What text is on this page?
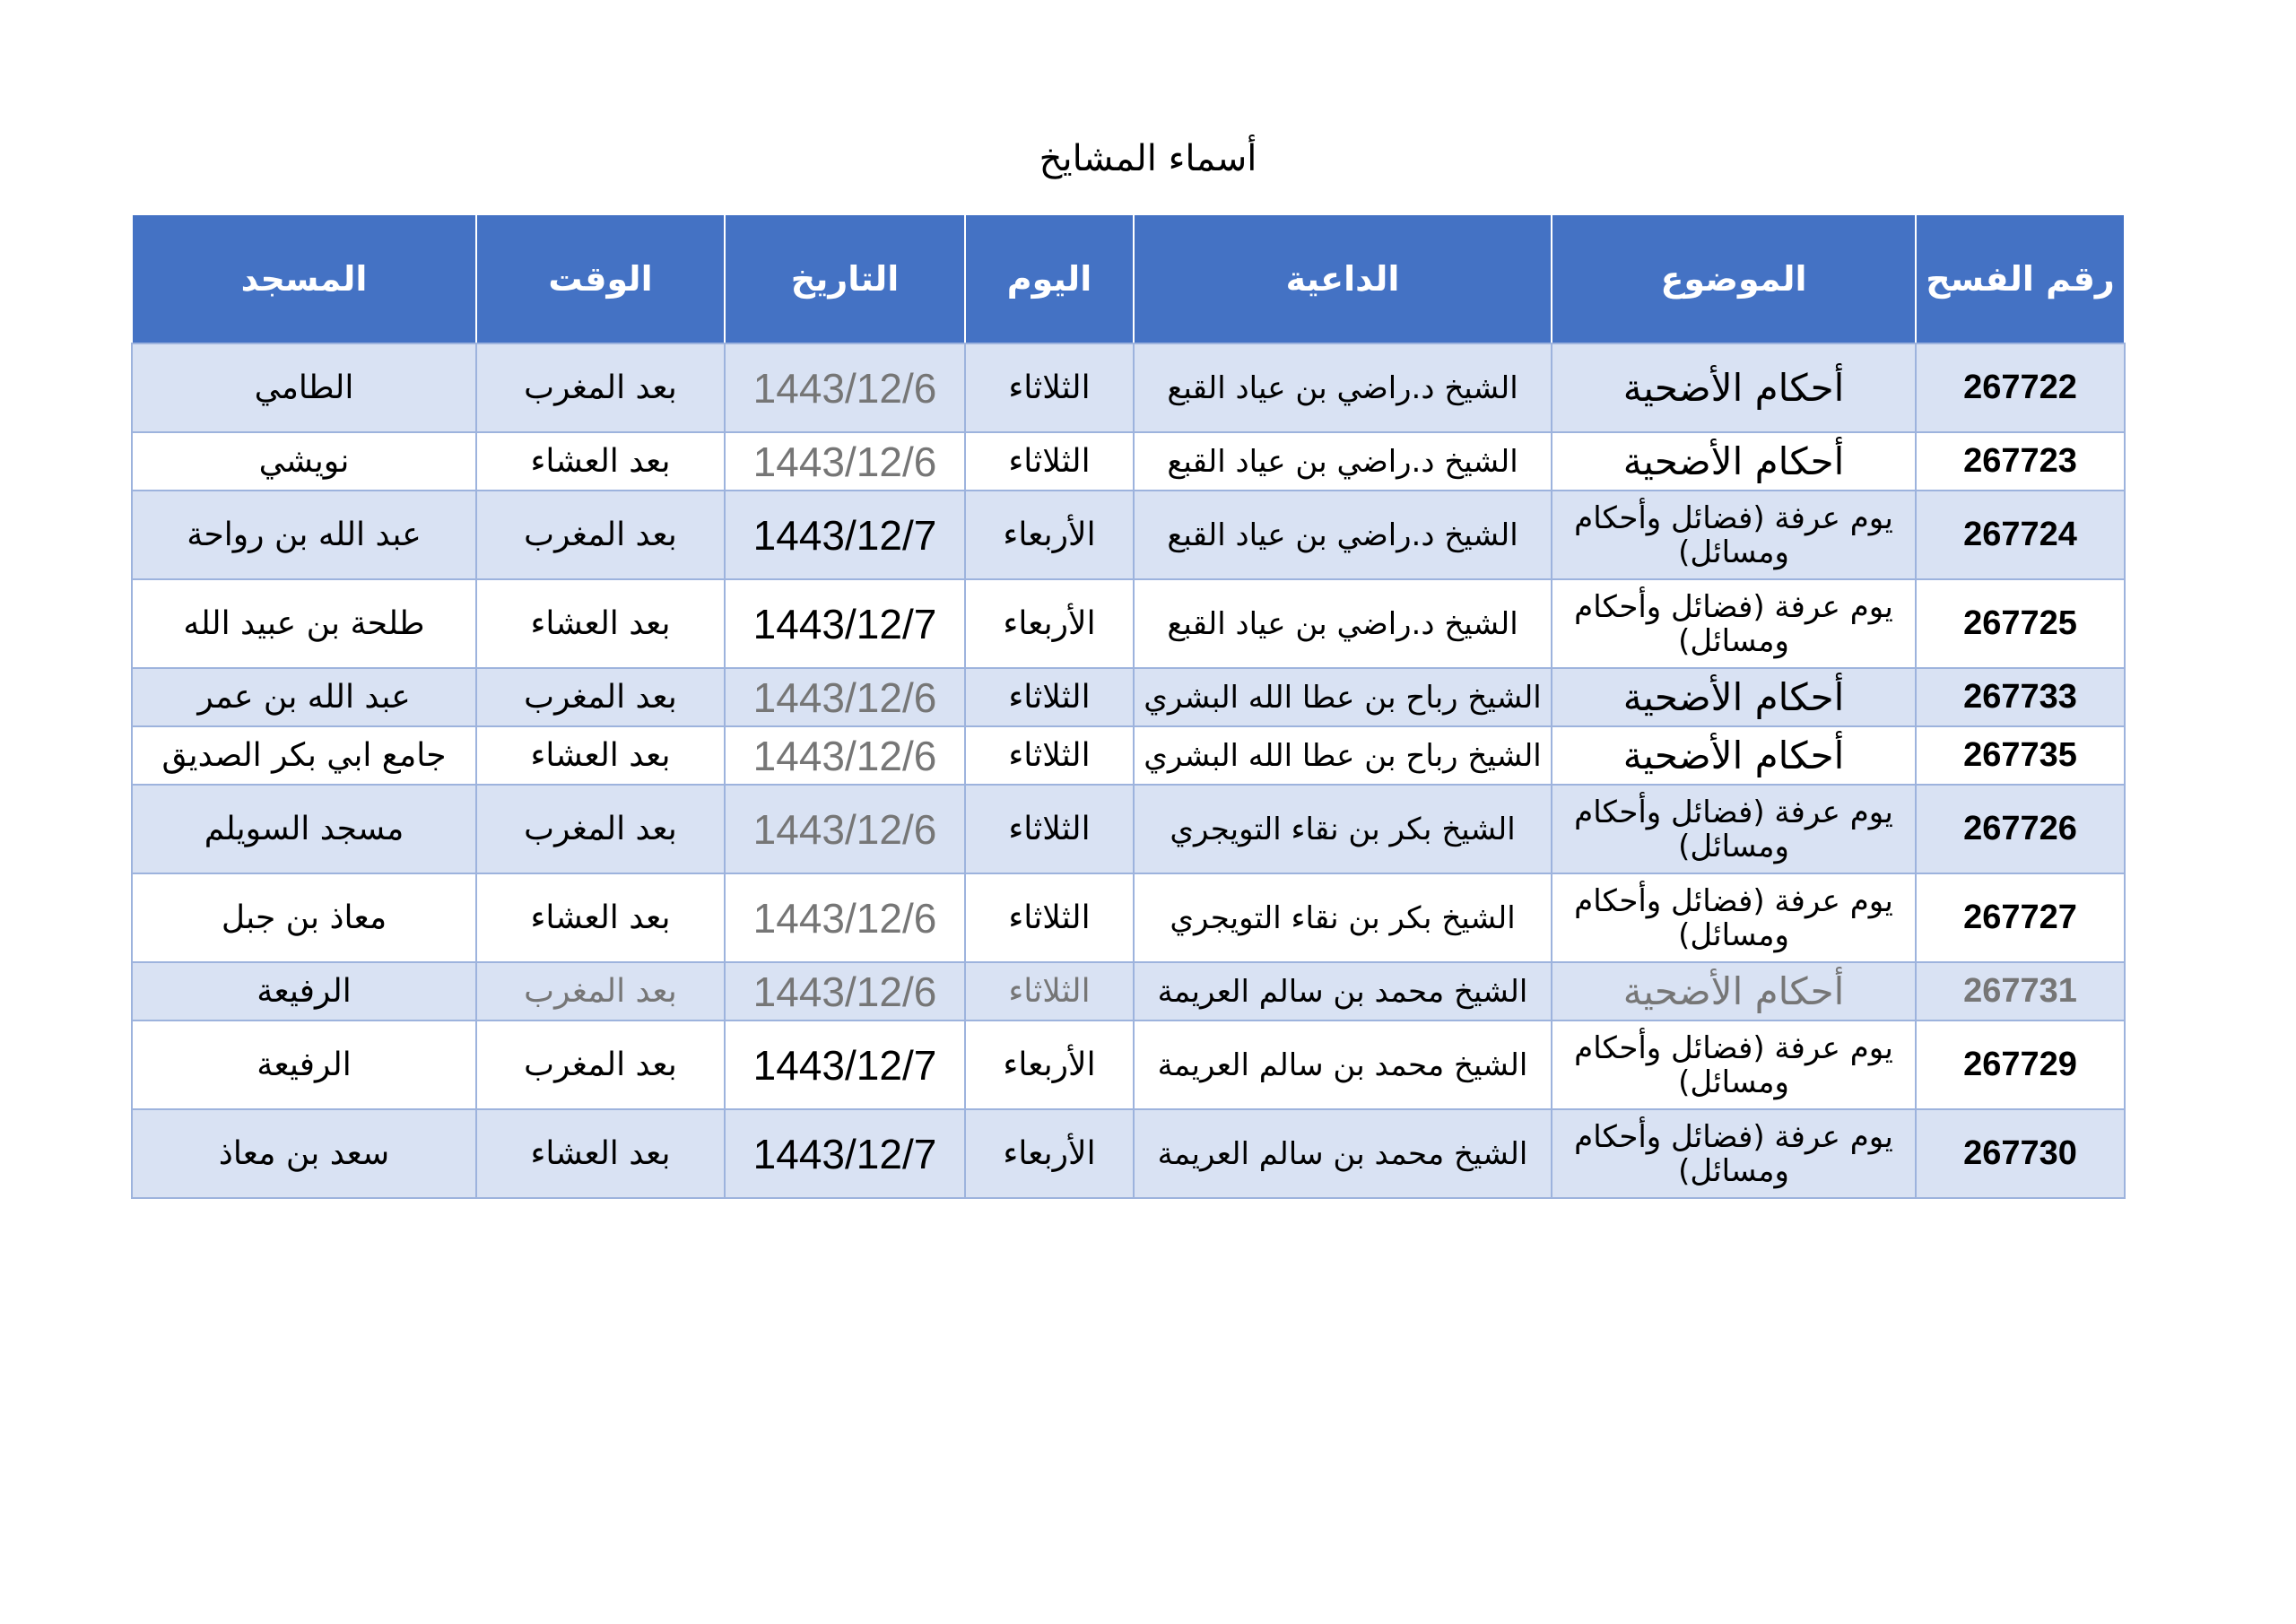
أسماء المشايخ
رقم الفسح	الموضوع	الداعية	اليوم	التاريخ	الوقت	المسجد
267722	أحكام الأضحية	الشيخ د.راضي بن عياد القبع	الثلاثاء	1443/12/6	بعد المغرب	الطامي
267723	أحكام الأضحية	الشيخ د.راضي بن عياد القبع	الثلاثاء	1443/12/6	بعد العشاء	نويشي
267724	يوم عرفة (فضائل وأحكام ومسائل)	الشيخ د.راضي بن عياد القبع	الأربعاء	1443/12/7	بعد المغرب	عبد الله بن رواحة
267725	يوم عرفة (فضائل وأحكام ومسائل)	الشيخ د.راضي بن عياد القبع	الأربعاء	1443/12/7	بعد العشاء	طلحة بن عبيد الله
267733	أحكام الأضحية	الشيخ رباح بن عطا الله البشري	الثلاثاء	1443/12/6	بعد المغرب	عبد الله بن عمر
267735	أحكام الأضحية	الشيخ رباح بن عطا الله البشري	الثلاثاء	1443/12/6	بعد العشاء	جامع ابي بكر الصديق
267726	يوم عرفة (فضائل وأحكام ومسائل)	الشيخ بكر بن نقاء التويجري	الثلاثاء	1443/12/6	بعد المغرب	مسجد السويلم
267727	يوم عرفة (فضائل وأحكام ومسائل)	الشيخ بكر بن نقاء التويجري	الثلاثاء	1443/12/6	بعد العشاء	معاذ بن جبل
267731	أحكام الأضحية	الشيخ محمد بن سالم العريمة	الثلاثاء	1443/12/6	بعد المغرب	الرفيعة
267729	يوم عرفة (فضائل وأحكام ومسائل)	الشيخ محمد بن سالم العريمة	الأربعاء	1443/12/7	بعد المغرب	الرفيعة
267730	يوم عرفة (فضائل وأحكام ومسائل)	الشيخ محمد بن سالم العريمة	الأربعاء	1443/12/7	بعد العشاء	سعد بن معاذ
